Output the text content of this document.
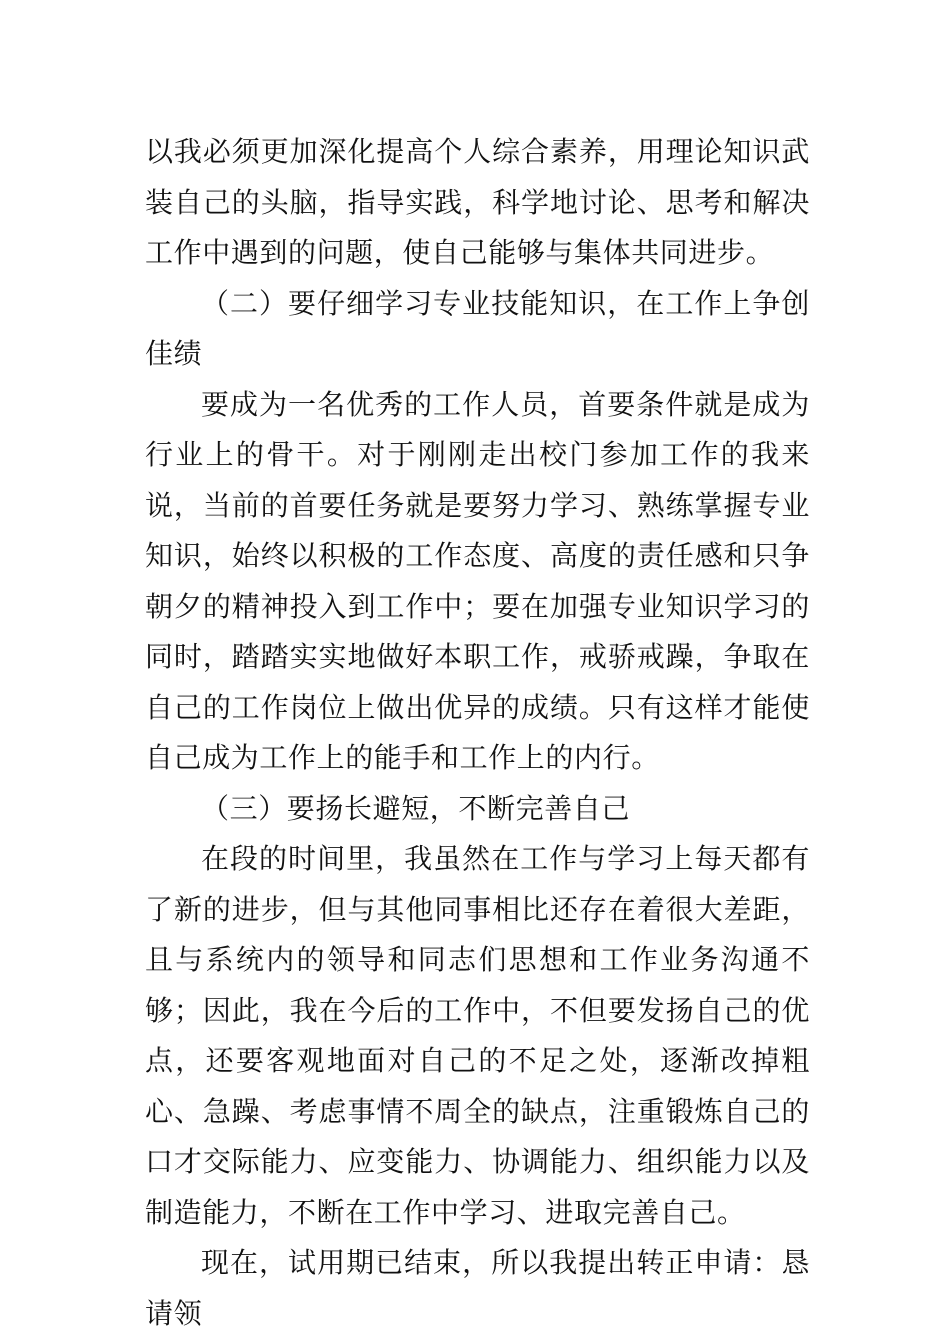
以我必须更加深化提高个人综合素养，用理论知识武装自己的头脑，指导实践，科学地讨论、思考和解决工作中遇到的问题，使自己能够与集体共同进步。

（二）要仔细学习专业技能知识，在工作上争创佳绩

要成为一名优秀的工作人员，首要条件就是成为行业上的骨干。对于刚刚走出校门参加工作的我来说，当前的首要任务就是要努力学习、熟练掌握专业知识，始终以积极的工作态度、高度的责任感和只争朝夕的精神投入到工作中；要在加强专业知识学习的同时，踏踏实实地做好本职工作，戒骄戒躁，争取在自己的工作岗位上做出优异的成绩。只有这样才能使自己成为工作上的能手和工作上的内行。

（三）要扬长避短，不断完善自己

在段的时间里，我虽然在工作与学习上每天都有了新的进步，但与其他同事相比还存在着很大差距，且与系统内的领导和同志们思想和工作业务沟通不够；因此，我在今后的工作中，不但要发扬自己的优点，还要客观地面对自己的不足之处，逐渐改掉粗心、急躁、考虑事情不周全的缺点，注重锻炼自己的口才交际能力、应变能力、协调能力、组织能力以及制造能力，不断在工作中学习、进取完善自己。

现在，试用期已结束，所以我提出转正申请：恳请领
